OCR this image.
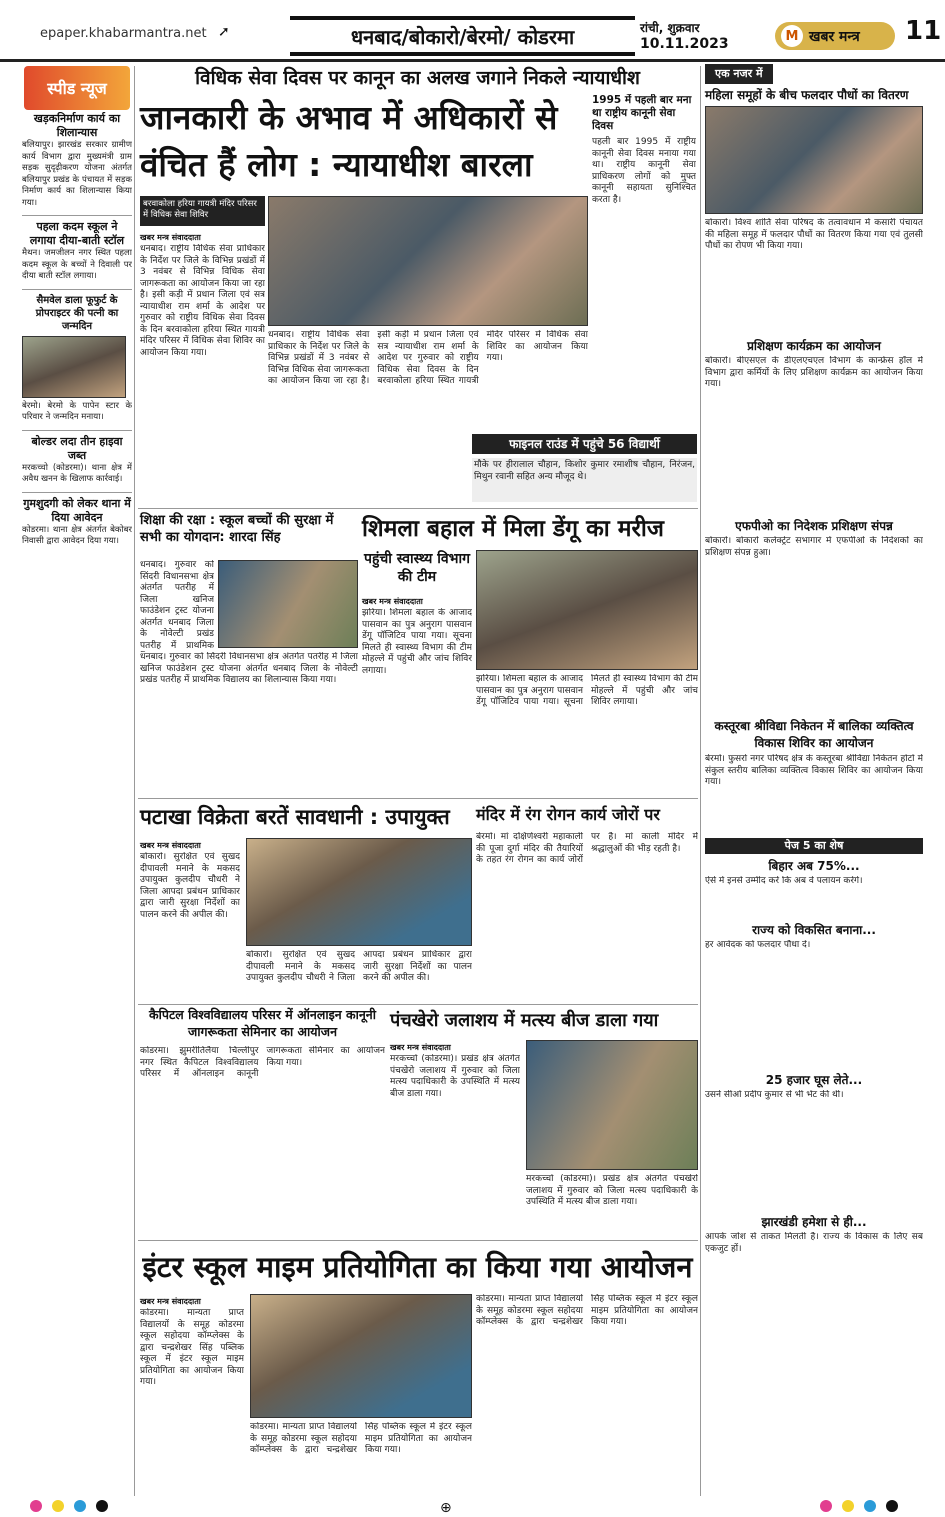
epaper.khabarmantra.net ➚	धनबाद/बोकारो/बेरमो/ कोडरमा	रांची, शुक्रवार
10.11.2023	M खबर मन्त्र 11
स्पीड न्यूज
खड़कनिर्माण कार्य का शिलान्यास
बलियापुर। झारखंड सरकार ग्रामीण कार्य विभाग द्वारा मुख्यमंत्री ग्राम सड़क सुदृढ़ीकरण योजना अंतर्गत बलियापुर प्रखंड के पंचायत में सड़क निर्माण कार्य का शिलान्यास किया गया।
पहला कदम स्कूल ने लगाया दीया-बाती स्टॉल
मैथन। जमजीलन नगर स्थित पहला कदम स्कूल के बच्चों ने दिवाली पर दीया बाती स्टॉल लगाया।
सैमवेल डाला फूफुर्ट के प्रोपराइटर की पत्नी का जन्मदिन
बेरमो। बेरमो के पापेन स्टार के परिवार ने जन्मदिन मनाया।
बोल्डर लदा तीन हाइवा जब्त
मरकच्चो (कोडरमा)। थाना क्षेत्र में अवैध खनन के खिलाफ कार्रवाई।
गुमशुदगी को लेकर थाना में दिया आवेदन
कोडरमा। थाना क्षेत्र अंतर्गत बेकोबर निवासी द्वारा आवेदन दिया गया।
विधिक सेवा दिवस पर कानून का अलख जगाने निकले न्यायाधीश
जानकारी के अभाव में अधिकारों से वंचित हैं लोग : न्यायाधीश बारला
बरवाकोला हरिया गायत्री मंदिर परिसर में विधिक सेवा शिविर
खबर मन्त्र संवाददाता
धनबाद। राष्ट्रीय विधिक सेवा प्राधिकार के निर्देश पर जिले के विभिन्न प्रखंडों में 3 नवंबर से विभिन्न विधिक सेवा जागरूकता का आयोजन किया जा रहा है। इसी कड़ी में प्रधान जिला एवं सत्र न्यायाधीश राम शर्मा के आदेश पर गुरुवार को राष्ट्रीय विधिक सेवा दिवस के दिन बरवाकोला हरिया स्थित गायत्री मंदिर परिसर में विधिक सेवा शिविर का आयोजन किया गया।
धनबाद। राष्ट्रीय विधिक सेवा प्राधिकार के निर्देश पर जिले के विभिन्न प्रखंडों में 3 नवंबर से विभिन्न विधिक सेवा जागरूकता का आयोजन किया जा रहा है। इसी कड़ी में प्रधान जिला एवं सत्र न्यायाधीश राम शर्मा के आदेश पर गुरुवार को राष्ट्रीय विधिक सेवा दिवस के दिन बरवाकोला हरिया स्थित गायत्री मंदिर परिसर में विधिक सेवा शिविर का आयोजन किया गया।
1995 में पहली बार मना था राष्ट्रीय कानूनी सेवा दिवस
पहली बार 1995 में राष्ट्रीय कानूनी सेवा दिवस मनाया गया था। राष्ट्रीय कानूनी सेवा प्राधिकरण लोगों को मुफ्त कानूनी सहायता सुनिश्चित करता है।
फाइनल राउंड में पहुंचे 56 विद्यार्थी
मौके पर हीरालाल चौहान, किशोर कुमार रमाशीष चौहान, निरंजन, मिथुन रवानी सहित अन्य मौजूद थे।
शिक्षा की रक्षा : स्कूल बच्चों की सुरक्षा में सभी का योगदान: शारदा सिंह
धनबाद। गुरुवार को सिंदरी विधानसभा क्षेत्र अंतर्गत पतरीह में जिला खनिज फाउंडेशन ट्रस्ट योजना अंतर्गत धनबाद जिला के नोवेल्टी प्रखंड पतरीह में प्राथमिक
धनबाद। गुरुवार को सिंदरी विधानसभा क्षेत्र अंतर्गत पतरीह में जिला खनिज फाउंडेशन ट्रस्ट योजना अंतर्गत धनबाद जिला के नोवेल्टी प्रखंड पतरीह में प्राथमिक विद्यालय का शिलान्यास किया गया।
शिमला बहाल में मिला डेंगू का मरीज
पहुंची स्वास्थ्य विभाग की टीम
खबर मन्त्र संवाददाता
झरिया। शिमला बहाल के आजाद पासवान का पुत्र अनुराग पासवान डेंगू पॉजिटिव पाया गया। सूचना मिलते ही स्वास्थ्य विभाग की टीम मोहल्ले में पहुंची और जांच शिविर लगाया।
झरिया। शिमला बहाल के आजाद पासवान का पुत्र अनुराग पासवान डेंगू पॉजिटिव पाया गया। सूचना मिलते ही स्वास्थ्य विभाग की टीम मोहल्ले में पहुंची और जांच शिविर लगाया।
पटाखा विक्रेता बरतें सावधानी : उपायुक्त
खबर मन्त्र संवाददाता
बोकारो। सुरक्षित एवं सुखद दीपावली मनाने के मकसद उपायुक्त कुलदीप चौधरी ने जिला आपदा प्रबंधन प्राधिकार द्वारा जारी सुरक्षा निर्देशों का पालन करने की अपील की।
बोकारो। सुरक्षित एवं सुखद दीपावली मनाने के मकसद उपायुक्त कुलदीप चौधरी ने जिला आपदा प्रबंधन प्राधिकार द्वारा जारी सुरक्षा निर्देशों का पालन करने की अपील की।
मंदिर में रंग रोगन कार्य जोरों पर
बेरमो। मां दक्षिणेश्वरी महाकाली की पूजा दुर्गा मंदिर की तैयारियों के तहत रंग रोगन का कार्य जोरों पर है। मां काली मंदिर में श्रद्धालुओं की भीड़ रहती है।
कैपिटल विश्वविद्यालय परिसर में ऑनलाइन कानूनी जागरूकता सेमिनार का आयोजन
कोडरमा। झुमरीतिलैया चिल्लीपुर नगर स्थित कैपिटल विश्वविद्यालय परिसर में ऑनलाइन कानूनी जागरूकता सेमिनार का आयोजन किया गया।
पंचखेरो जलाशय में मत्स्य बीज डाला गया
खबर मन्त्र संवाददाता
मरकच्चो (कोडरमा)। प्रखंड क्षेत्र अंतर्गत पंचखेरो जलाशय में गुरुवार को जिला मत्स्य पदाधिकारी के उपस्थिति में मत्स्य बीज डाला गया।
मरकच्चो (कोडरमा)। प्रखंड क्षेत्र अंतर्गत पंचखेरो जलाशय में गुरुवार को जिला मत्स्य पदाधिकारी के उपस्थिति में मत्स्य बीज डाला गया।
इंटर स्कूल माइम प्रतियोगिता का किया गया आयोजन
खबर मन्त्र संवाददाता
कोडरमा। मान्यता प्राप्त विद्यालयों के समूह कोडरमा स्कूल सहोदया कॉम्प्लेक्स के द्वारा चन्द्रशेखर सिंह पब्लिक स्कूल में इंटर स्कूल माइम प्रतियोगिता का आयोजन किया गया।
कोडरमा। मान्यता प्राप्त विद्यालयों के समूह कोडरमा स्कूल सहोदया कॉम्प्लेक्स के द्वारा चन्द्रशेखर सिंह पब्लिक स्कूल में इंटर स्कूल माइम प्रतियोगिता का आयोजन किया गया।
कोडरमा। मान्यता प्राप्त विद्यालयों के समूह कोडरमा स्कूल सहोदया कॉम्प्लेक्स के द्वारा चन्द्रशेखर सिंह पब्लिक स्कूल में इंटर स्कूल माइम प्रतियोगिता का आयोजन किया गया।
एक नजर में
महिला समूहों के बीच फलदार पौधों का वितरण
बोकारो। विश्व शांति सेवा परिषद के तत्वावधान में कसारी पंचायत की महिला समूह में फलदार पौधों का वितरण किया गया एवं तुलसी पौधों का रोपण भी किया गया।
प्रशिक्षण कार्यक्रम का आयोजन
बोकारो। बीएसएल के डीएलएचएल विभाग के कान्फ्रेंस हॉल में विभाग द्वारा कर्मियों के लिए प्रशिक्षण कार्यक्रम का आयोजन किया गया।
एफपीओ का निदेशक प्रशिक्षण संपन्न
बोकारो। बोकारो कलेक्ट्रेट सभागार में एफपीओ के निदेशकों का प्रशिक्षण संपन्न हुआ।
कस्तूरबा श्रीविद्या निकेतन में बालिका व्यक्तित्व विकास शिविर का आयोजन
बेरमो। फुसरो नगर परिषद क्षेत्र के कस्तूरबा श्रीविद्या निकेतन होटों में संकुल स्तरीय बालिका व्यक्तित्व विकास शिविर का आयोजन किया गया।
पेज 5 का शेष
बिहार अब 75%...
ऐसे में इनसे उम्मीद करें कि अब वे पलायन करेंगे।
राज्य को विकसित बनाना...
हर आवेदक को फलदार पौधा दें।
25 हजार घूस लेते...
उसने सीओ प्रदीप कुमार से भी भेंट की थी।
झारखंडी हमेशा से ही...
आपके जोश से ताकत मिलती है। राज्य के विकास के लिए सब एकजुट हों।
⊕
